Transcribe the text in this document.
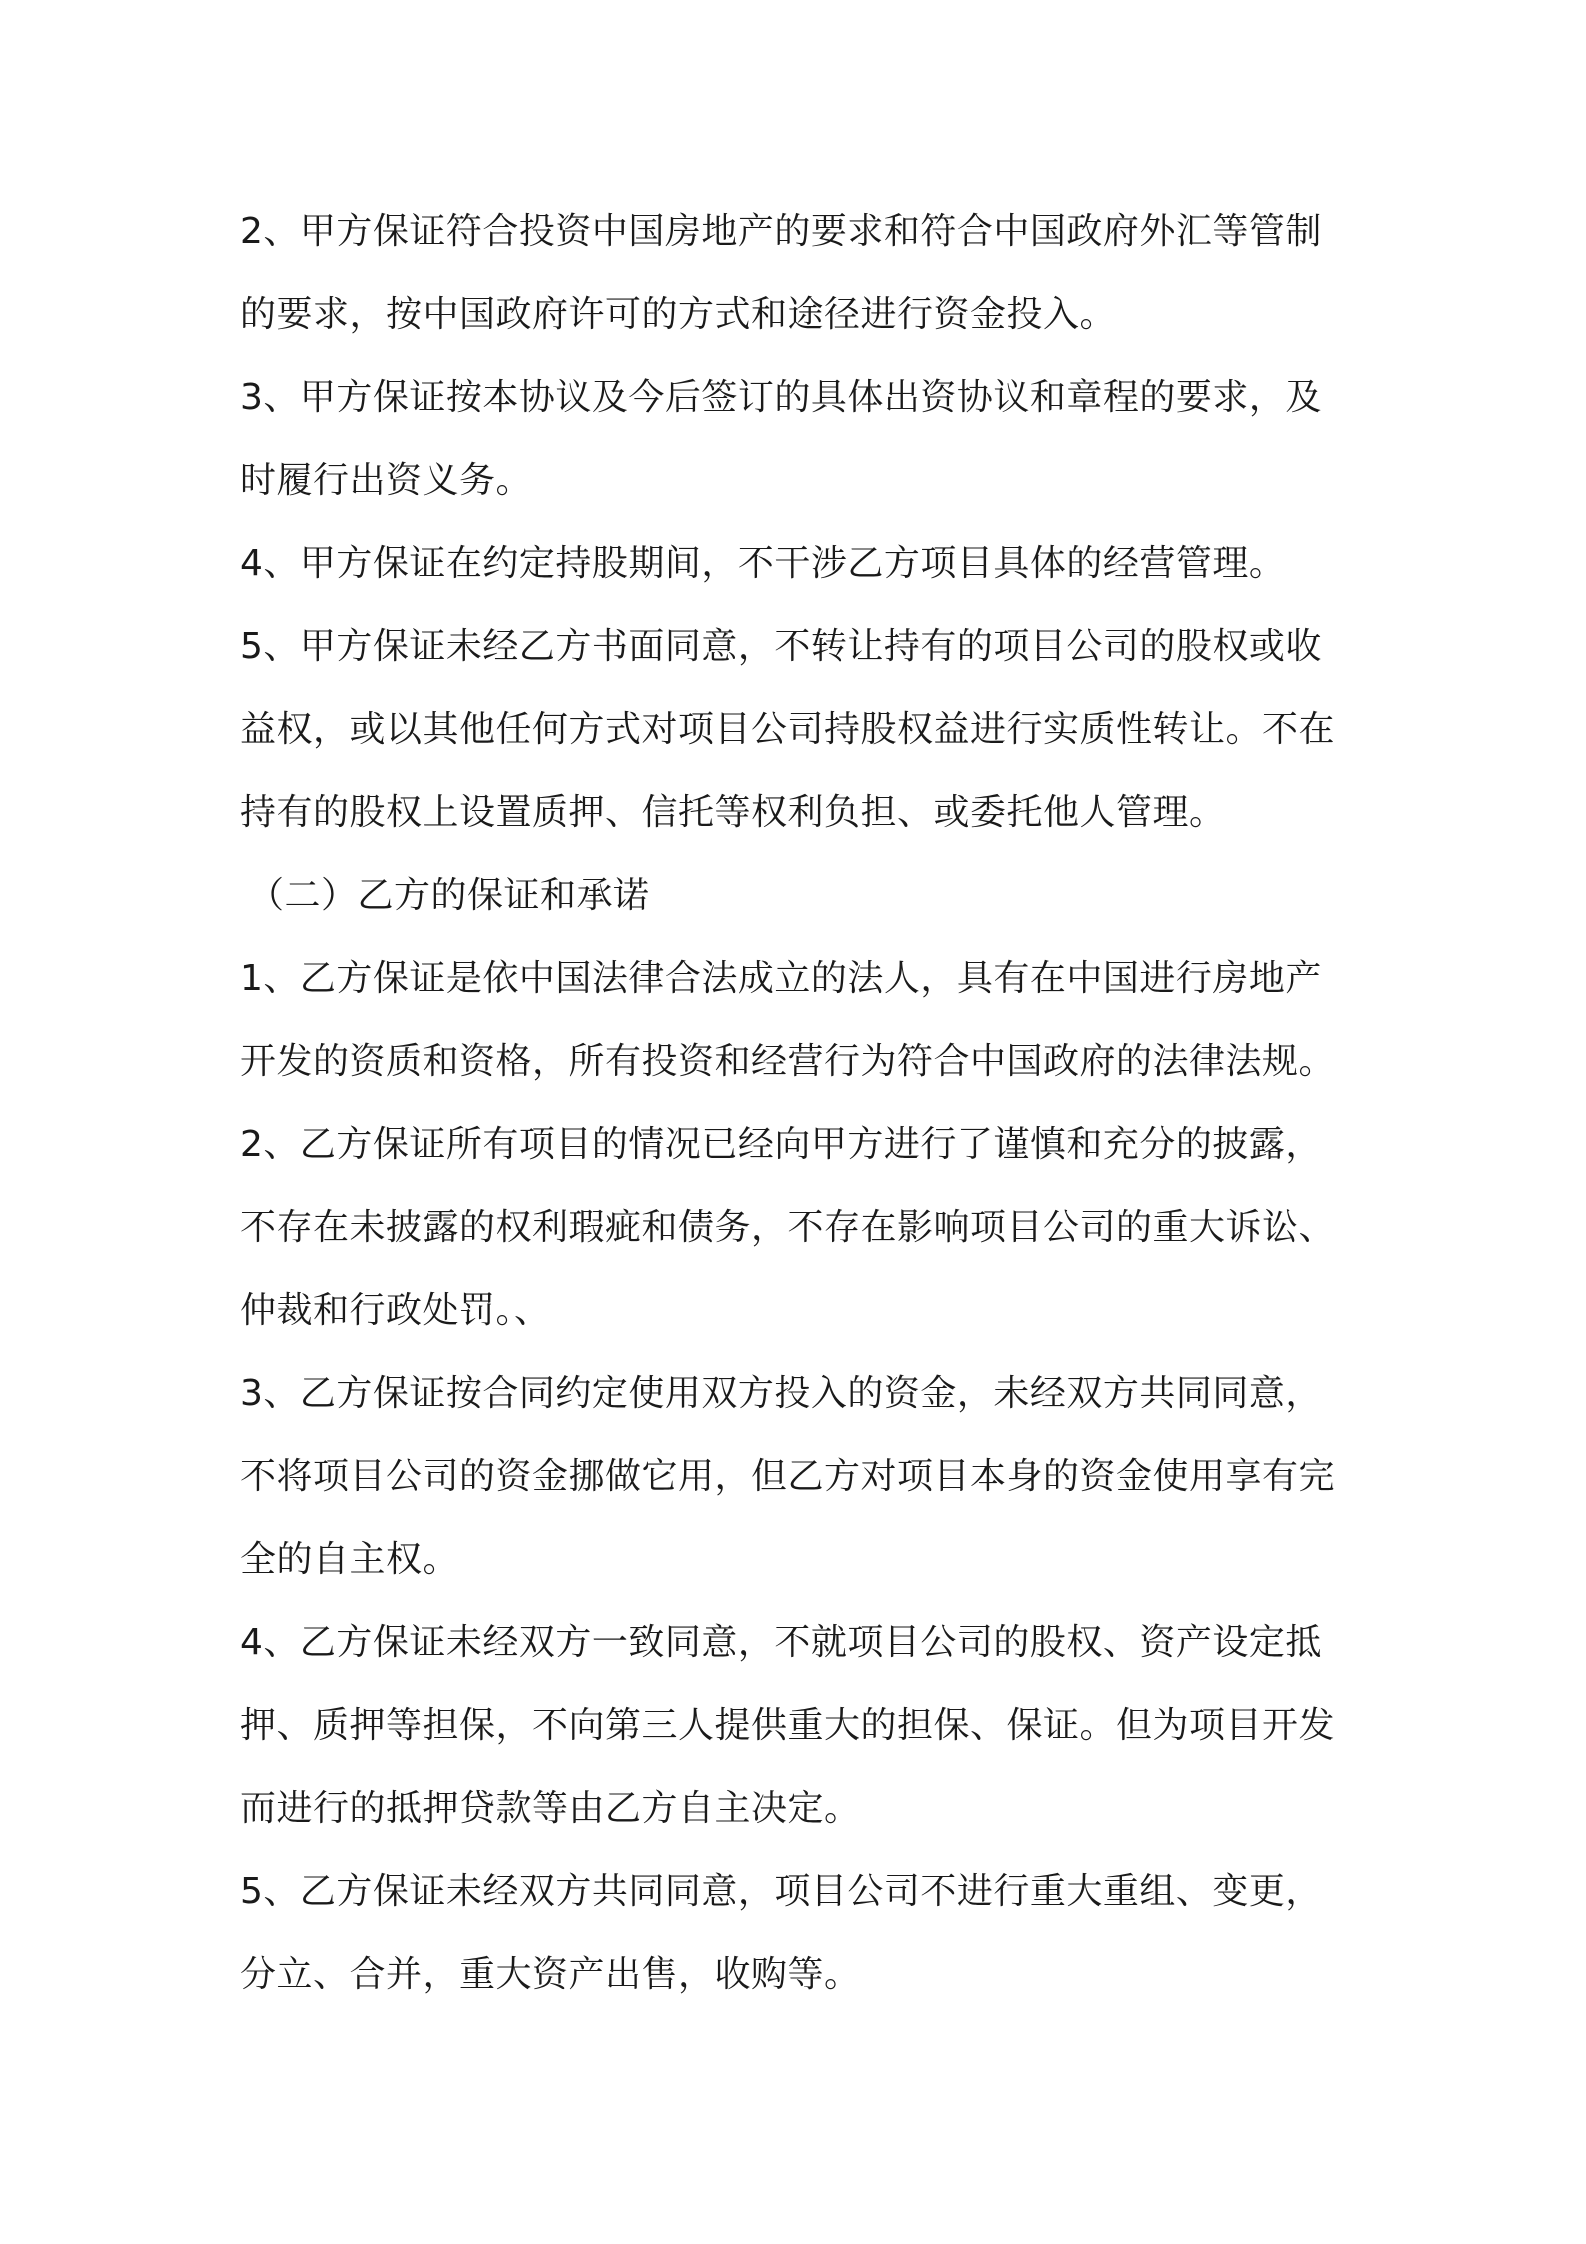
2、甲方保证符合投资中国房地产的要求和符合中国政府外汇等管制
的要求，按中国政府许可的方式和途径进行资金投入。
3、甲方保证按本协议及今后签订的具体出资协议和章程的要求，及
时履行出资义务。
4、甲方保证在约定持股期间，不干涉乙方项目具体的经营管理。
5、甲方保证未经乙方书面同意，不转让持有的项目公司的股权或收
益权，或以其他任何方式对项目公司持股权益进行实质性转让。不在
持有的股权上设置质押、信托等权利负担、或委托他人管理。
（二）乙方的保证和承诺
1、乙方保证是依中国法律合法成立的法人，具有在中国进行房地产
开发的资质和资格，所有投资和经营行为符合中国政府的法律法规。
2、乙方保证所有项目的情况已经向甲方进行了谨慎和充分的披露，
不存在未披露的权利瑕疵和债务，不存在影响项目公司的重大诉讼、
仲裁和行政处罚。、
3、乙方保证按合同约定使用双方投入的资金，未经双方共同同意，
不将项目公司的资金挪做它用，但乙方对项目本身的资金使用享有完
全的自主权。
4、乙方保证未经双方一致同意，不就项目公司的股权、资产设定抵
押、质押等担保，不向第三人提供重大的担保、保证。但为项目开发
而进行的抵押贷款等由乙方自主决定。
5、乙方保证未经双方共同同意，项目公司不进行重大重组、变更，
分立、合并，重大资产出售，收购等。
